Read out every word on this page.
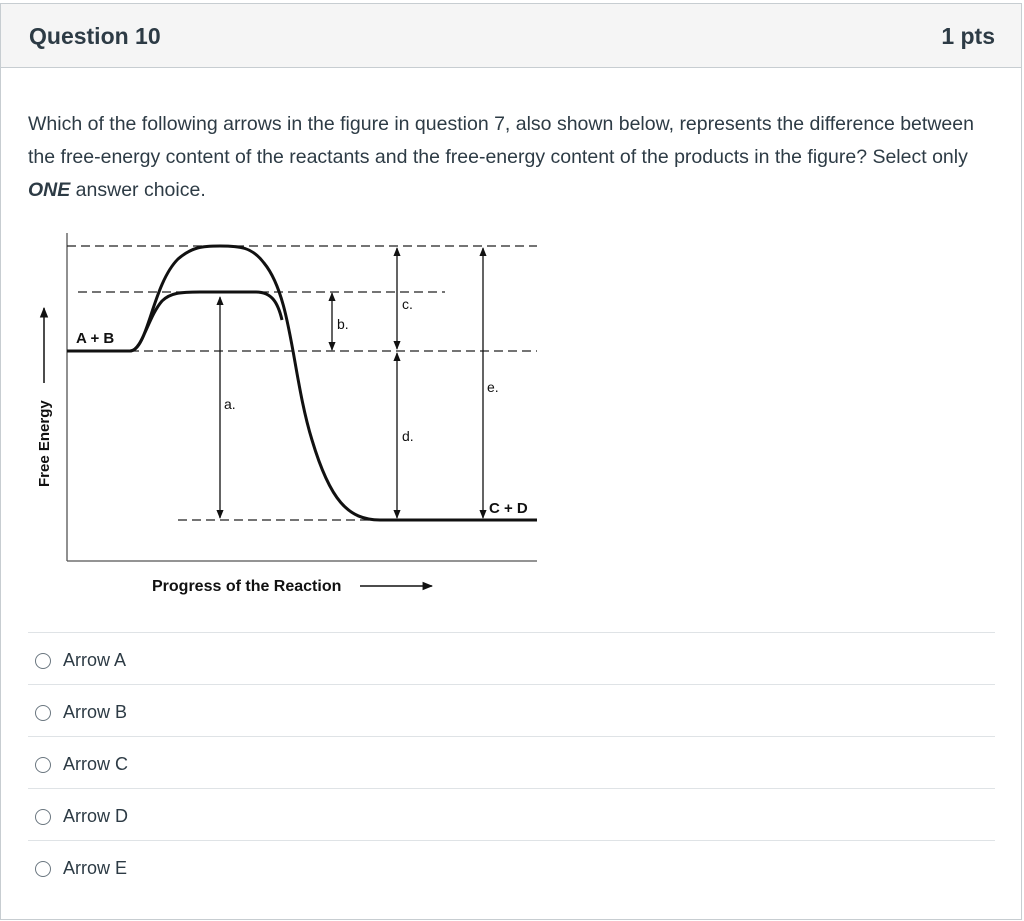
Question 10	1 pts
Which of the following arrows in the figure in question 7, also shown below, represents the difference between the free-energy content of the reactants and the free-energy content of the products in the figure? Select only ONE answer choice.
a.
b.
c.
d.
e.
A + B
C + D
Free Energy
Progress of the Reaction
Arrow A
Arrow B
Arrow C
Arrow D
Arrow E
